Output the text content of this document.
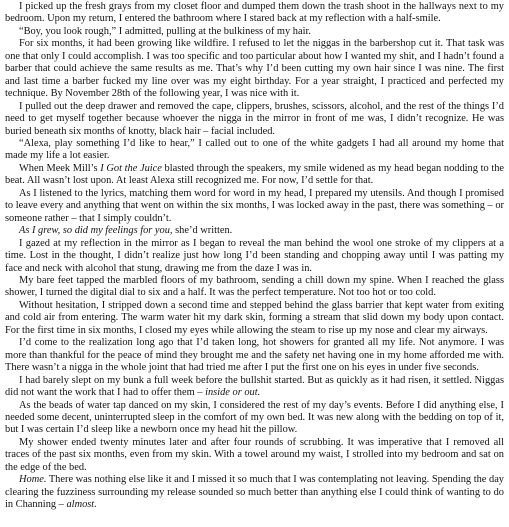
I picked up the fresh grays from my closet floor and dumped them down the trash shoot in the hallways next to my bedroom. Upon my return, I entered the bathroom where I stared back at my reflection with a half-smile.

“Boy, you look rough,” I admitted, pulling at the bulkiness of my hair.

For six months, it had been growing like wildfire. I refused to let the niggas in the barbershop cut it. That task was one that only I could accomplish. I was too specific and too particular about how I wanted my shit, and I hadn’t found a barber that could achieve the same results as me. That’s why I’d been cutting my own hair since I was nine. The first and last time a barber fucked my line over was my eight birthday. For a year straight, I practiced and perfected my technique. By November 28th of the following year, I was nice with it.

I pulled out the deep drawer and removed the cape, clippers, brushes, scissors, alcohol, and the rest of the things I’d need to get myself together because whoever the nigga in the mirror in front of me was, I didn’t recognize. He was buried beneath six months of knotty, black hair – facial included.

“Alexa, play something I’d like to hear,” I called out to one of the white gadgets I had all around my home that made my life a lot easier.

When Meek Mill’s I Got the Juice blasted through the speakers, my smile widened as my head began nodding to the beat. All wasn’t lost upon. At least Alexa still recognized me. For now, I’d settle for that.

As I listened to the lyrics, matching them word for word in my head, I prepared my utensils. And though I promised to leave every and anything that went on within the six months, I was locked away in the past, there was something – or someone rather – that I simply couldn’t.

As I grew, so did my feelings for you, she’d written.

I gazed at my reflection in the mirror as I began to reveal the man behind the wool one stroke of my clippers at a time. Lost in the thought, I didn’t realize just how long I’d been standing and chopping away until I was patting my face and neck with alcohol that stung, drawing me from the daze I was in.

My bare feet tapped the marbled floors of my bathroom, sending a chill down my spine. When I reached the glass shower, I turned the digital dial to six and a half. It was the perfect temperature. Not too hot or too cold.

Without hesitation, I stripped down a second time and stepped behind the glass barrier that kept water from exiting and cold air from entering. The warm water hit my dark skin, forming a stream that slid down my body upon contact. For the first time in six months, I closed my eyes while allowing the steam to rise up my nose and clear my airways.

I’d come to the realization long ago that I’d taken long, hot showers for granted all my life. Not anymore. I was more than thankful for the peace of mind they brought me and the safety net having one in my home afforded me with. There wasn’t a nigga in the whole joint that had tried me after I put the first one on his eyes in under five seconds.

I had barely slept on my bunk a full week before the bullshit started. But as quickly as it had risen, it settled. Niggas did not want the work that I had to offer them – inside or out.

As the beads of water tap danced on my skin, I considered the rest of my day’s events. Before I did anything else, I needed some decent, uninterrupted sleep in the comfort of my own bed. It was new along with the bedding on top of it, but I was certain I’d sleep like a newborn once my head hit the pillow.

My shower ended twenty minutes later and after four rounds of scrubbing. It was imperative that I removed all traces of the past six months, even from my skin. With a towel around my waist, I strolled into my bedroom and sat on the edge of the bed.

Home. There was nothing else like it and I missed it so much that I was contemplating not leaving. Spending the day clearing the fuzziness surrounding my release sounded so much better than anything else I could think of wanting to do in Channing – almost.
